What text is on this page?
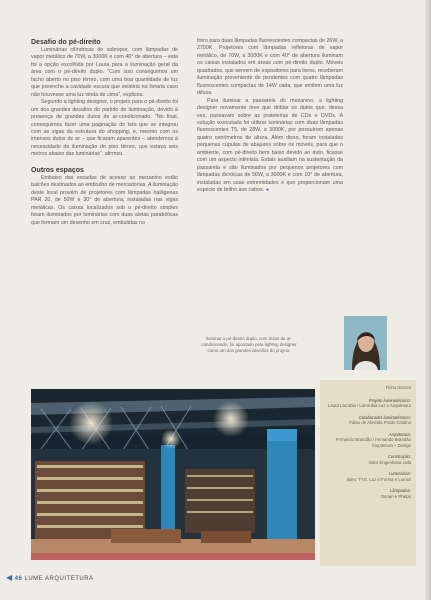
Desafio do pé-direito

Luminárias cilíndricas de sobrepor, com lâmpadas de vapor metálico de 70W, a 3000K e com 40° de abertura – esta foi a opção escolhida por Laura para a iluminação geral da área com o pé-direito duplo. "Com isso conseguimos um facho aberto no piso térreo, com uma boa quantidade de luz que preenche a cavidade escura que existiria na livraria caso não houvesse uma luz vinda de cima", explicou.

Segundo a lighting designer, o projeto para o pé-direito foi um dos grandes desafios do partido de iluminação, devido à presença de grandes dutos de ar-condicionado. "No final, conseguimos fazer uma paginação do teto que se integrou com as vigas da estrutura do shopping, e, mesmo com os imensos dutos de ar – que ficaram aparentes – atendemos à necessidade de iluminação do piso térreo, que estava seis metros abaixo das luminárias", afirmou.

Outros espaços

Embaixo das escadas de acesso ao mezanino estão balcões destinados ao embrulho de mercadorias. A iluminação deste local provém de projetores com lâmpadas halógenas PAR 20, de 50W e 30° de abertura, instaladas nas vigas metálicas. Os caixas localizados sob o pé-direito simples foram iluminados por luminárias com duas aletas parabólicas que formam um desenho em cruz, embutidas no

forro para duas lâmpadas fluorescentes compactas de 26W, a 2700K. Projetores com lâmpadas refletoras de vapor metálico, de 70W, a 3000K e com 40° de abertura iluminam os caixas instalados em áreas com pé-direito duplo. Móveis quadrados, que servem de expositores para livros, receberam iluminação proveniente de pendentes com quatro lâmpadas fluorescentes compactas de 14W cada, que emitem uma luz difusa.

Para iluminar a passarela do mezanino, a lighting designer novamente teve que driblar os dutos que, dessa vez, passavam sobre as prateleiras de CDs e DVDs. A solução executada foi utilizar luminárias com duas lâmpadas fluorescentes T5, de 28W, a 3000K, por possuírem apenas quatro centímetros de altura. Além disso, foram instaladas pequenas cúpulas de abajures sobre os móveis, para que o ambiente, com pé-direito bem baixo devido ao duto, ficasse com um aspecto intimista. Estais auxiliam na sustentação da passarela e são iluminados por pequenos projetores com lâmpadas dicróicas de 50W, a 3000K e com 10° de abertura, instaladas em suas extremidades e que proporcionam uma espécie de brilho aos cabos. ◂

Iluminar o pé-direito duplo, com dutos de ar-condicionado, foi apontado pela lighting designer como um dos grandes desafios do projeto.
Ficha técnica
Projeto luminotécnico:
Laura Larrubia / Lamrubia Luz e Arquitetura
Colaborador luminotécnico:
Fábio de Almeida Prado Cristino
Arquitetura:
Fernando Brandão / Fernando Brandão Arquitetura + Design
Construção:
Valor Engenharia Ltda
Luminárias:
Itaim, TYG, Luz e Forma e Lumini
Lâmpadas:
Osram e Philips
◀ 46 LUME ARQUITETURA
